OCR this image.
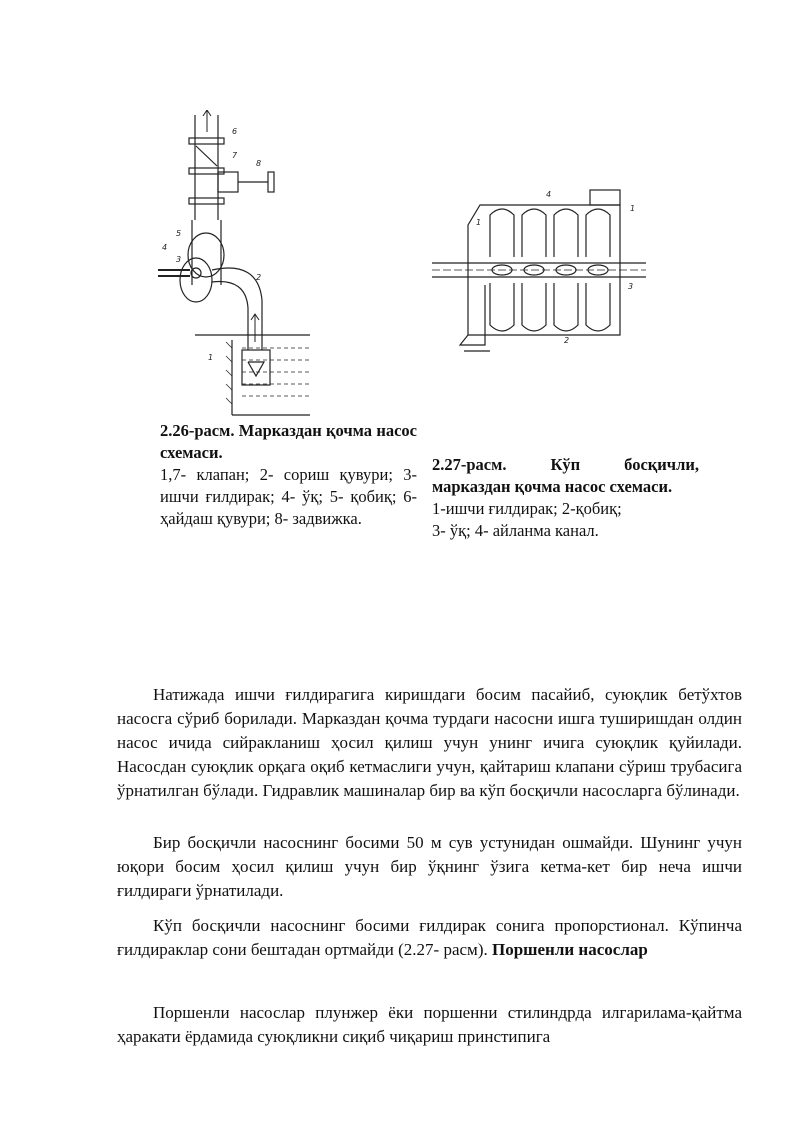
6
7
8
5
4
3
2
1
4
1
1
3
2
2.26-расм. Марказдан қочма насос схемаси.
1,7- клапан; 2- сориш қувури; 3- ишчи ғилдирак; 4- ўқ; 5- қобиқ; 6- ҳайдаш қувури; 8- задвижка.
2.27-расм. Кўп босқичли, марказдан қочма насос схемаси.
1-ишчи ғилдирак; 2-қобиқ;
3- ўқ; 4- айланма канал.
Натижада ишчи ғилдирагига киришдаги босим пасайиб, суюқлик бетўхтов насосга сўриб борилади. Марказдан қочма турдаги насосни ишга туширишдан олдин насос ичида сийракланиш ҳосил қилиш учун унинг ичига суюқлик қуйилади. Насосдан суюқлик орқага оқиб кетмаслиги учун, қайтариш клапани сўриш трубасига ўрнатилган бўлади. Гидравлик машиналар бир ва кўп босқичли насосларга бўлинади.
Бир босқичли насоснинг босими 50 м сув устунидан ошмайди. Шунинг учун юқори босим ҳосил қилиш учун бир ўқнинг ўзига кетма-кет бир неча ишчи ғилдираги ўрнатилади.
Кўп босқичли насоснинг босими ғилдирак сонига пропорстионал. Кўпинча ғилдираклар сони бештадан ортмайди (2.27- расм). Поршенли насослар
Поршенли насослар плунжер ёки поршенни стилиндрда илгарилама-қайтма ҳаракати ёрдамида суюқликни сиқиб чиқариш принстипига
